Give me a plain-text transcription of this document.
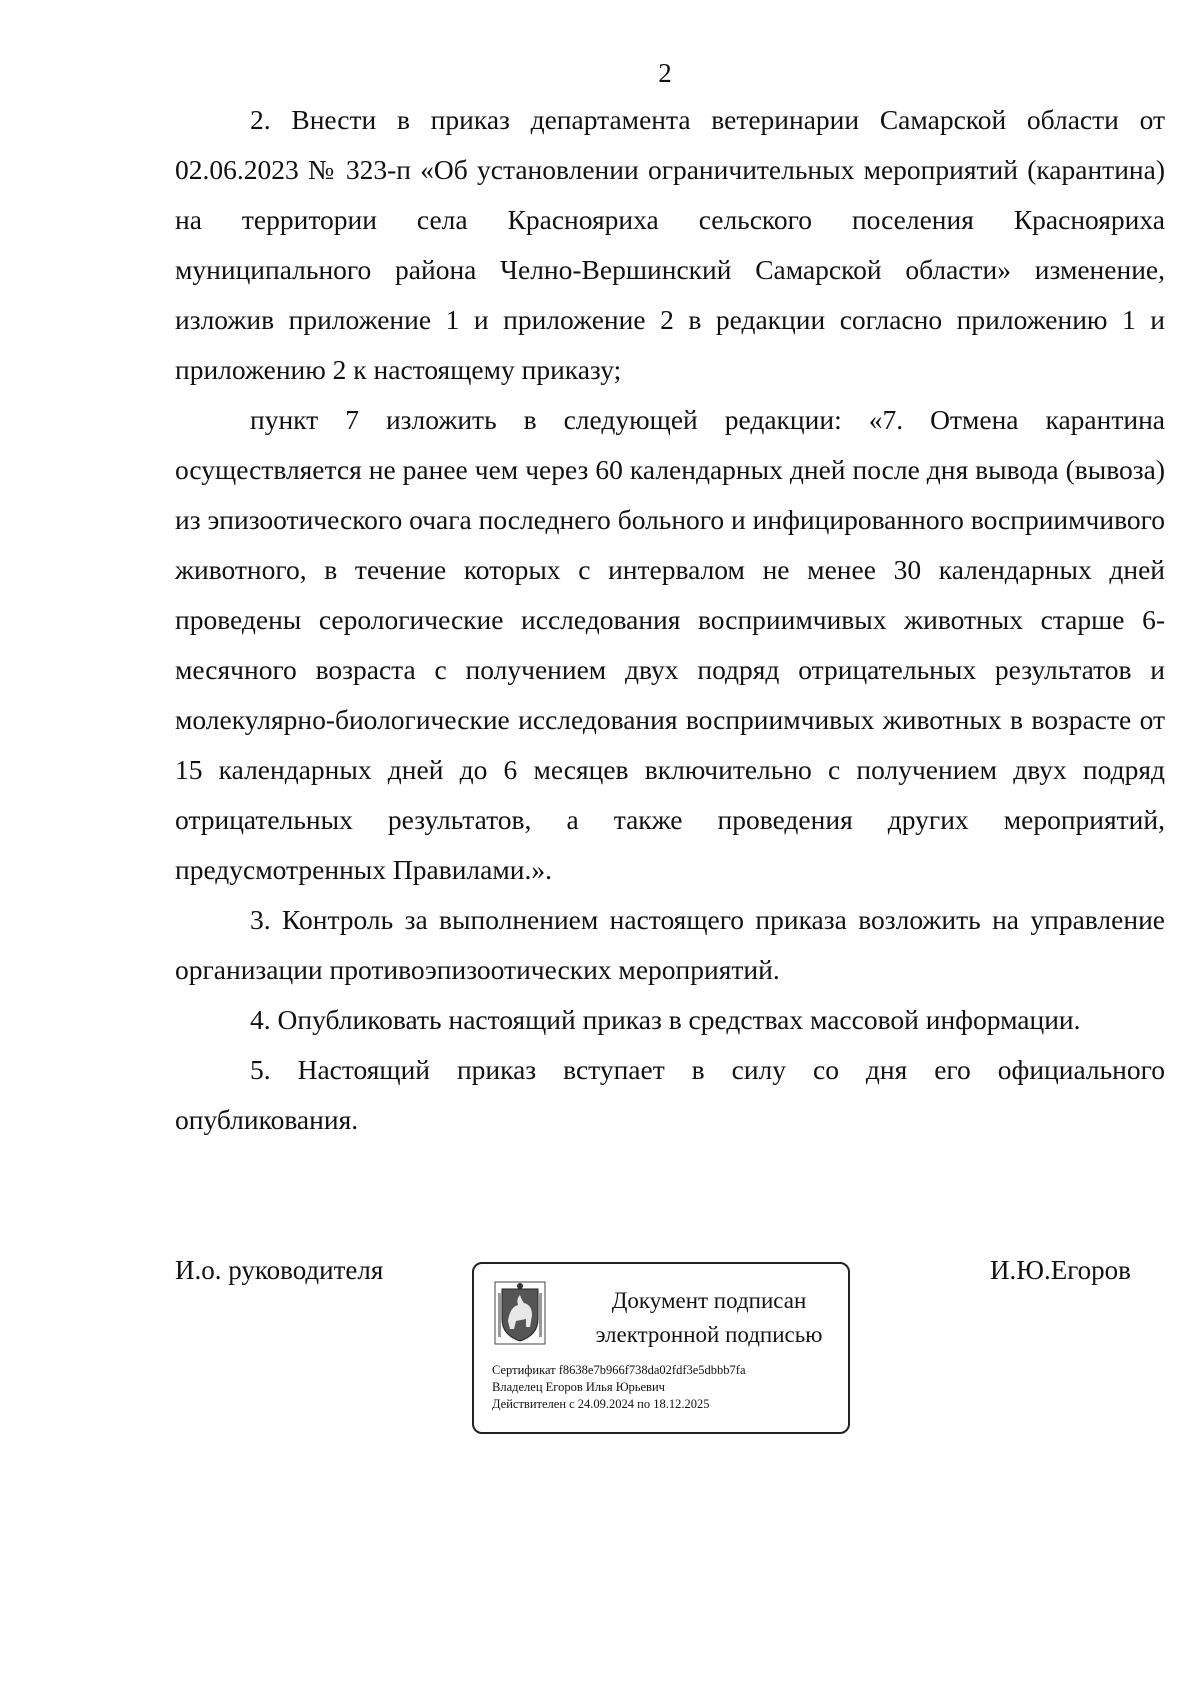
2

2. Внести в приказ департамента ветеринарии Самарской области от 02.06.2023 № 323-п «Об установлении ограничительных мероприятий (карантина) на территории села Краснояриха сельского поселения Краснояриха муниципального района Челно-Вершинский Самарской области» изменение, изложив приложение 1 и приложение 2 в редакции согласно приложению 1 и приложению 2 к настоящему приказу;

пункт 7 изложить в следующей редакции: «7. Отмена карантина осуществляется не ранее чем через 60 календарных дней после дня вывода (вывоза) из эпизоотического очага последнего больного и инфицированного восприимчивого животного, в течение которых с интервалом не менее 30 календарных дней проведены серологические исследования восприимчивых животных старше 6-месячного возраста с получением двух подряд отрицательных результатов и молекулярно-биологические исследования восприимчивых животных в возрасте от 15 календарных дней до 6 месяцев включительно с получением двух подряд отрицательных результатов, а также проведения других мероприятий, предусмотренных Правилами.».

3. Контроль за выполнением настоящего приказа возложить на управление организации противоэпизоотических мероприятий.

4. Опубликовать настоящий приказ в средствах массовой информации.

5. Настоящий приказ вступает в силу со дня его официального опубликования.

И.о. руководителя	И.Ю.Егоров
Документ подписан
электронной подписью
Сертификат f8638e7b966f738da02fdf3e5dbbb7fa
Владелец Егоров Илья Юрьевич
Действителен с 24.09.2024 по 18.12.2025
